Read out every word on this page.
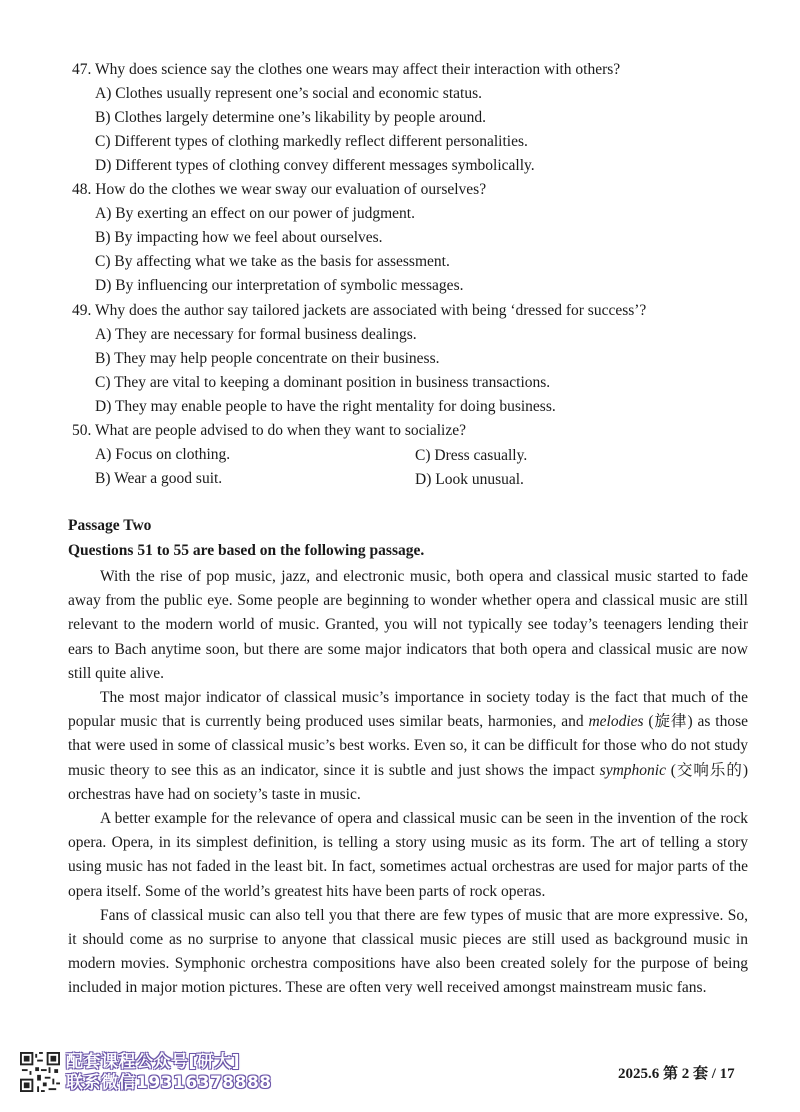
47. Why does science say the clothes one wears may affect their interaction with others?
A) Clothes usually represent one’s social and economic status.
B) Clothes largely determine one’s likability by people around.
C) Different types of clothing markedly reflect different personalities.
D) Different types of clothing convey different messages symbolically.
48. How do the clothes we wear sway our evaluation of ourselves?
A) By exerting an effect on our power of judgment.
B) By impacting how we feel about ourselves.
C) By affecting what we take as the basis for assessment.
D) By influencing our interpretation of symbolic messages.
49. Why does the author say tailored jackets are associated with being ‘dressed for success’?
A) They are necessary for formal business dealings.
B) They may help people concentrate on their business.
C) They are vital to keeping a dominant position in business transactions.
D) They may enable people to have the right mentality for doing business.
50. What are people advised to do when they want to socialize?
A) Focus on clothing.	C) Dress casually.
B) Wear a good suit.	D) Look unusual.
Passage Two
Questions 51 to 55 are based on the following passage.

With the rise of pop music, jazz, and electronic music, both opera and classical music started to fade away from the public eye. Some people are beginning to wonder whether opera and classical music are still relevant to the modern world of music. Granted, you will not typically see today’s teenagers lending their ears to Bach anytime soon, but there are some major indicators that both opera and classical music are now still quite alive.

The most major indicator of classical music’s importance in society today is the fact that much of the popular music that is currently being produced uses similar beats, harmonies, and melodies (旋律) as those that were used in some of classical music’s best works. Even so, it can be difficult for those who do not study music theory to see this as an indicator, since it is subtle and just shows the impact symphonic (交响乐的) orchestras have had on society’s taste in music.

A better example for the relevance of opera and classical music can be seen in the invention of the rock opera. Opera, in its simplest definition, is telling a story using music as its form. The art of telling a story using music has not faded in the least bit. In fact, sometimes actual orchestras are used for major parts of the opera itself. Some of the world’s greatest hits have been parts of rock operas.

Fans of classical music can also tell you that there are few types of music that are more expressive. So, it should come as no surprise to anyone that classical music pieces are still used as background music in modern movies. Symphonic orchestra compositions have also been created solely for the purpose of being included in major motion pictures. These are often very well received amongst mainstream music fans.

配套课程公众号[研大]
联系微信19316378888	2025.6 第 2 套 / 17
